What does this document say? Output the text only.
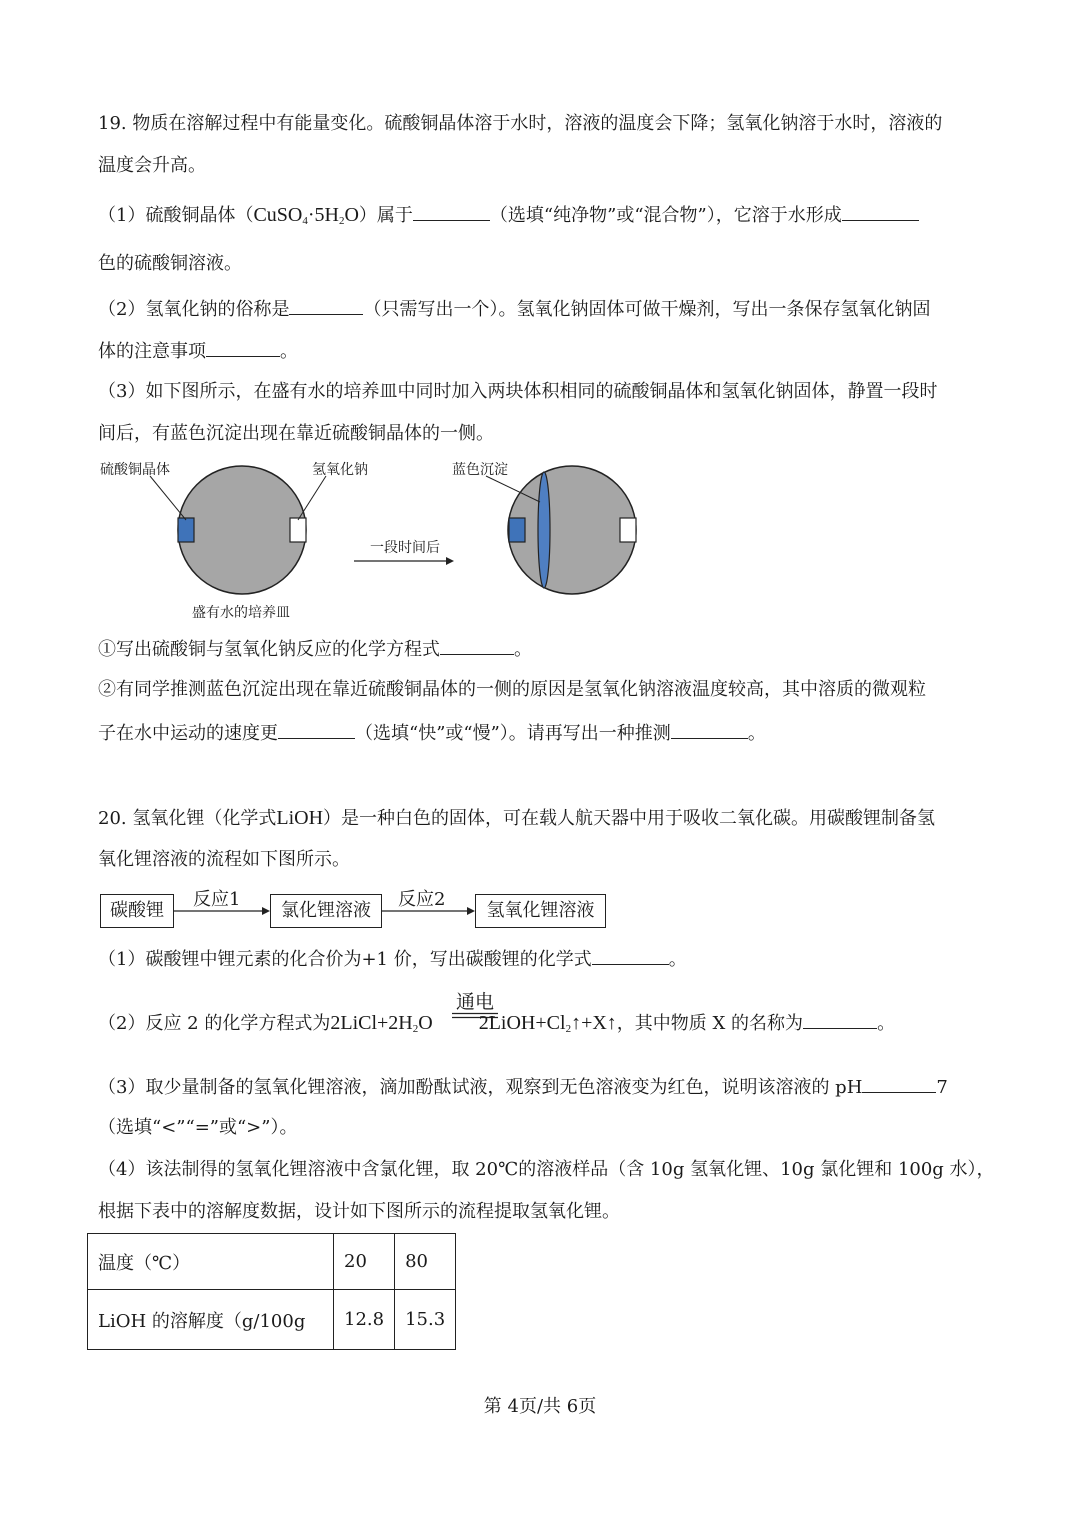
19. 物质在溶解过程中有能量变化。硫酸铜晶体溶于水时，溶液的温度会下降；氢氧化钠溶于水时，溶液的
温度会升高。
（1）硫酸铜晶体$(CuSO_4\cdot 5H_2O)$属于	（选填“纯净物”或“混合物”），它溶于水形成
色的硫酸铜溶液。
（2）氢氧化钠的俗称是	（只需写出一个）。氢氧化钠固体可做干燥剂，写出一条保存氢氧化钠固
体的注意事项	。
（3）如下图所示，在盛有水的培养皿中同时加入两块体积相同的硫酸铜晶体和氢氧化钠固体，静置一段时
间后，有蓝色沉淀出现在靠近硫酸铜晶体的一侧。
硫酸铜晶体	氢氧化钠	蓝色沉淀
一段时间后
盛有水的培养皿
①写出硫酸铜与氢氧化钠反应的化学方程式	。
②有同学推测蓝色沉淀出现在靠近硫酸铜晶体的一侧的原因是氢氧化钠溶液温度较高，其中溶质的微观粒
子在水中运动的速度更	（选填“快”或“慢”）。请再写出一种推测	。
20. 氢氧化锂（化学式LiOH）是一种白色的固体，可在载人航天器中用于吸收二氧化碳。用碳酸锂制备氢
氧化锂溶液的流程如下图所示。
碳酸锂
反应1
氯化锂溶液
反应2
氢氧化锂溶液
（1）碳酸锂中锂元素的化合价为+1 价，写出碳酸锂的化学式	。
通电
（2）反应 2 的化学方程式为$2LiCl+2H_2O$ $2LiOH+Cl_2↑+X↑$，其中物质 X 的名称为	。
（3）取少量制备的氢氧化锂溶液，滴加酚酞试液，观察到无色溶液变为红色，说明该溶液的 pH	7
（选填“<”“=”或“>”）。
（4）该法制得的氢氧化锂溶液中含氯化锂，取 20℃的溶液样品（含 10g 氢氧化锂、10g 氯化锂和 100g 水），
根据下表中的溶解度数据，设计如下图所示的流程提取氢氧化锂。
温度（℃）	20	80
LiOH 的溶解度（g/100g	12.8	15.3
第 4页/共 6页
